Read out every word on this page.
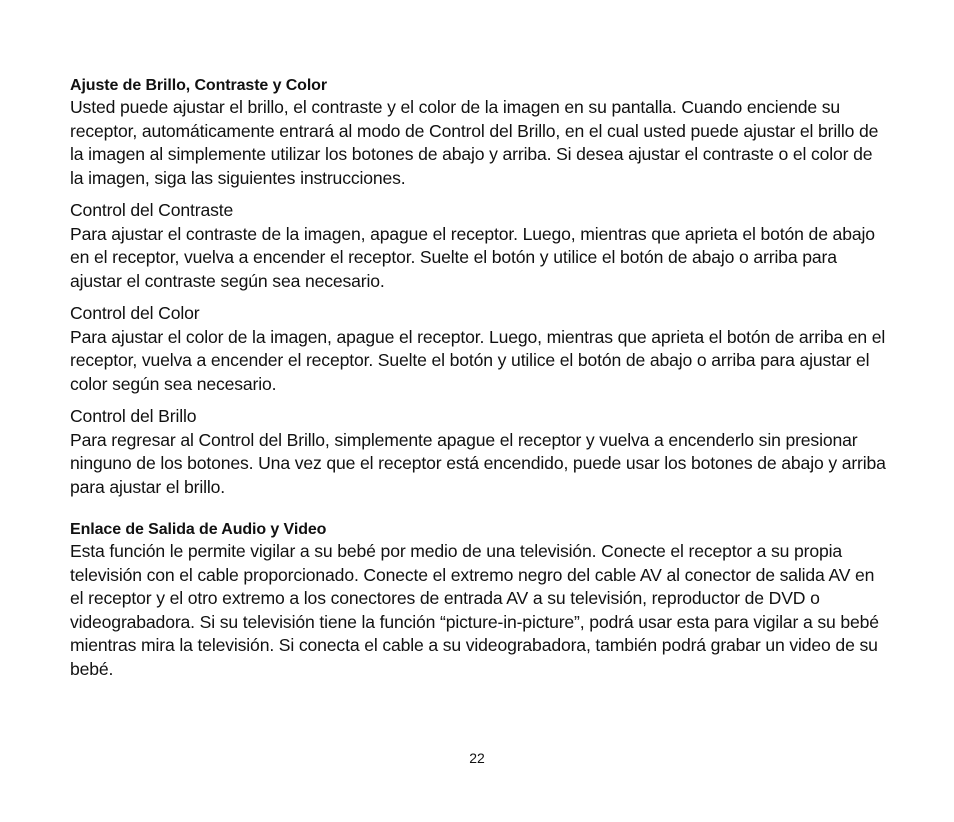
Ajuste de Brillo, Contraste y Color

Usted puede ajustar el brillo, el contraste y el color de la imagen en su pantalla. Cuando enciende su receptor, automáticamente entrará al modo de Control del Brillo, en el cual usted puede ajustar el brillo de la imagen al simplemente utilizar los botones de abajo y arriba. Si desea ajustar el contraste o el color de la imagen, siga las siguientes instrucciones.

Control del Contraste

Para ajustar el contraste de la imagen, apague el receptor. Luego, mientras que aprieta el botón de abajo en el receptor, vuelva a encender el receptor. Suelte el botón y utilice el botón de abajo o arriba para ajustar el contraste según sea necesario.

Control del Color

Para ajustar el color de la imagen, apague el receptor. Luego, mientras que aprieta el botón de arriba en el receptor, vuelva a encender el receptor. Suelte el botón y utilice el botón de abajo o arriba para ajustar el color según sea necesario.

Control del Brillo

Para regresar al Control del Brillo, simplemente apague el receptor y vuelva a encenderlo sin presionar ninguno de los botones. Una vez que el receptor está encendido, puede usar los botones de abajo y arriba para ajustar el brillo.

Enlace de Salida de Audio y Video

Esta función le permite vigilar a su bebé por medio de una televisión. Conecte el receptor a su propia televisión con el cable proporcionado. Conecte el extremo negro del cable AV al conector de salida AV en el receptor y el otro extremo a los conectores de entrada AV a su televisión, reproductor de DVD o videograbadora. Si su televisión tiene la función “picture-in-picture”, podrá usar esta para vigilar a su bebé mientras mira la televisión. Si conecta el cable a su videograbadora, también podrá grabar un video de su bebé.

22
